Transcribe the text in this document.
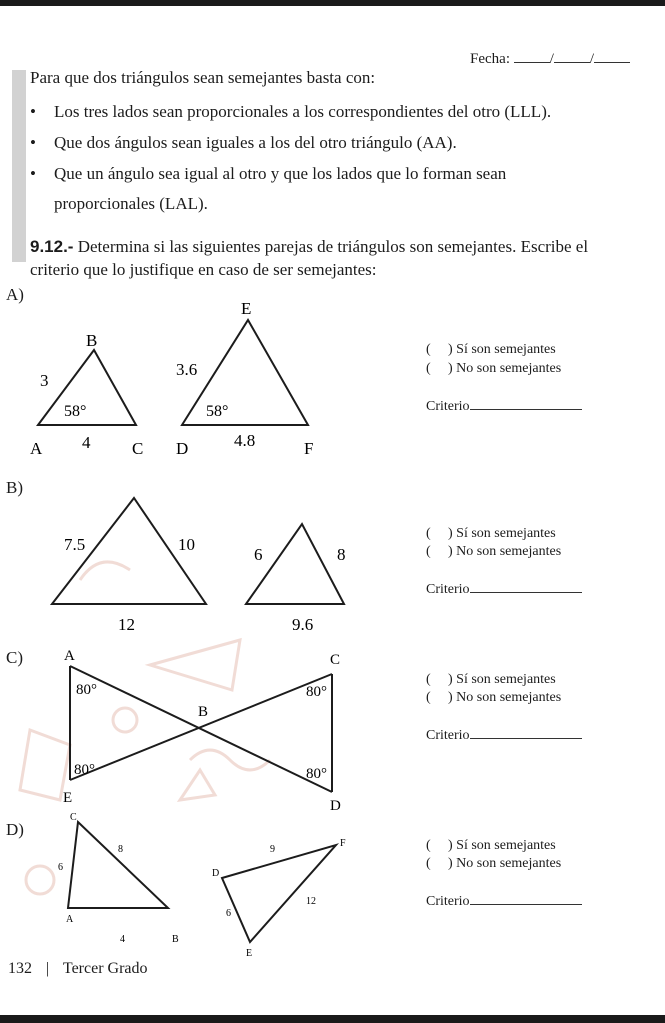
Fecha:	/ /
Para que dos triángulos sean semejantes basta con:
• Los tres lados sean proporcionales a los correspondientes del otro (LLL).
• Que dos ángulos sean iguales a los del otro triángulo (AA).
• Que un ángulo sea igual al otro y que los lados que lo forman sean
proporcionales (LAL).
9.12.- Determina si las siguientes parejas de triángulos son semejantes. Escribe el
criterio que lo justifique en caso de ser semejantes:
A)
B)
C)
D)
B
A	C
3
4
58°
E
D	F
3.6
4.8
58°
7.5	10
12
6	8
9.6
A
B
C
D
E
80°
80°
80°
80°
C
A
B
6
8
4
F
D
E
9
6
12
( ) Sí son semejantes
( ) No son semejantes
Criterio
( ) Sí son semejantes
( ) No son semejantes
Criterio
( ) Sí son semejantes
( ) No son semejantes
Criterio
( ) Sí son semejantes
( ) No son semejantes
Criterio
132 | Tercer Grado
